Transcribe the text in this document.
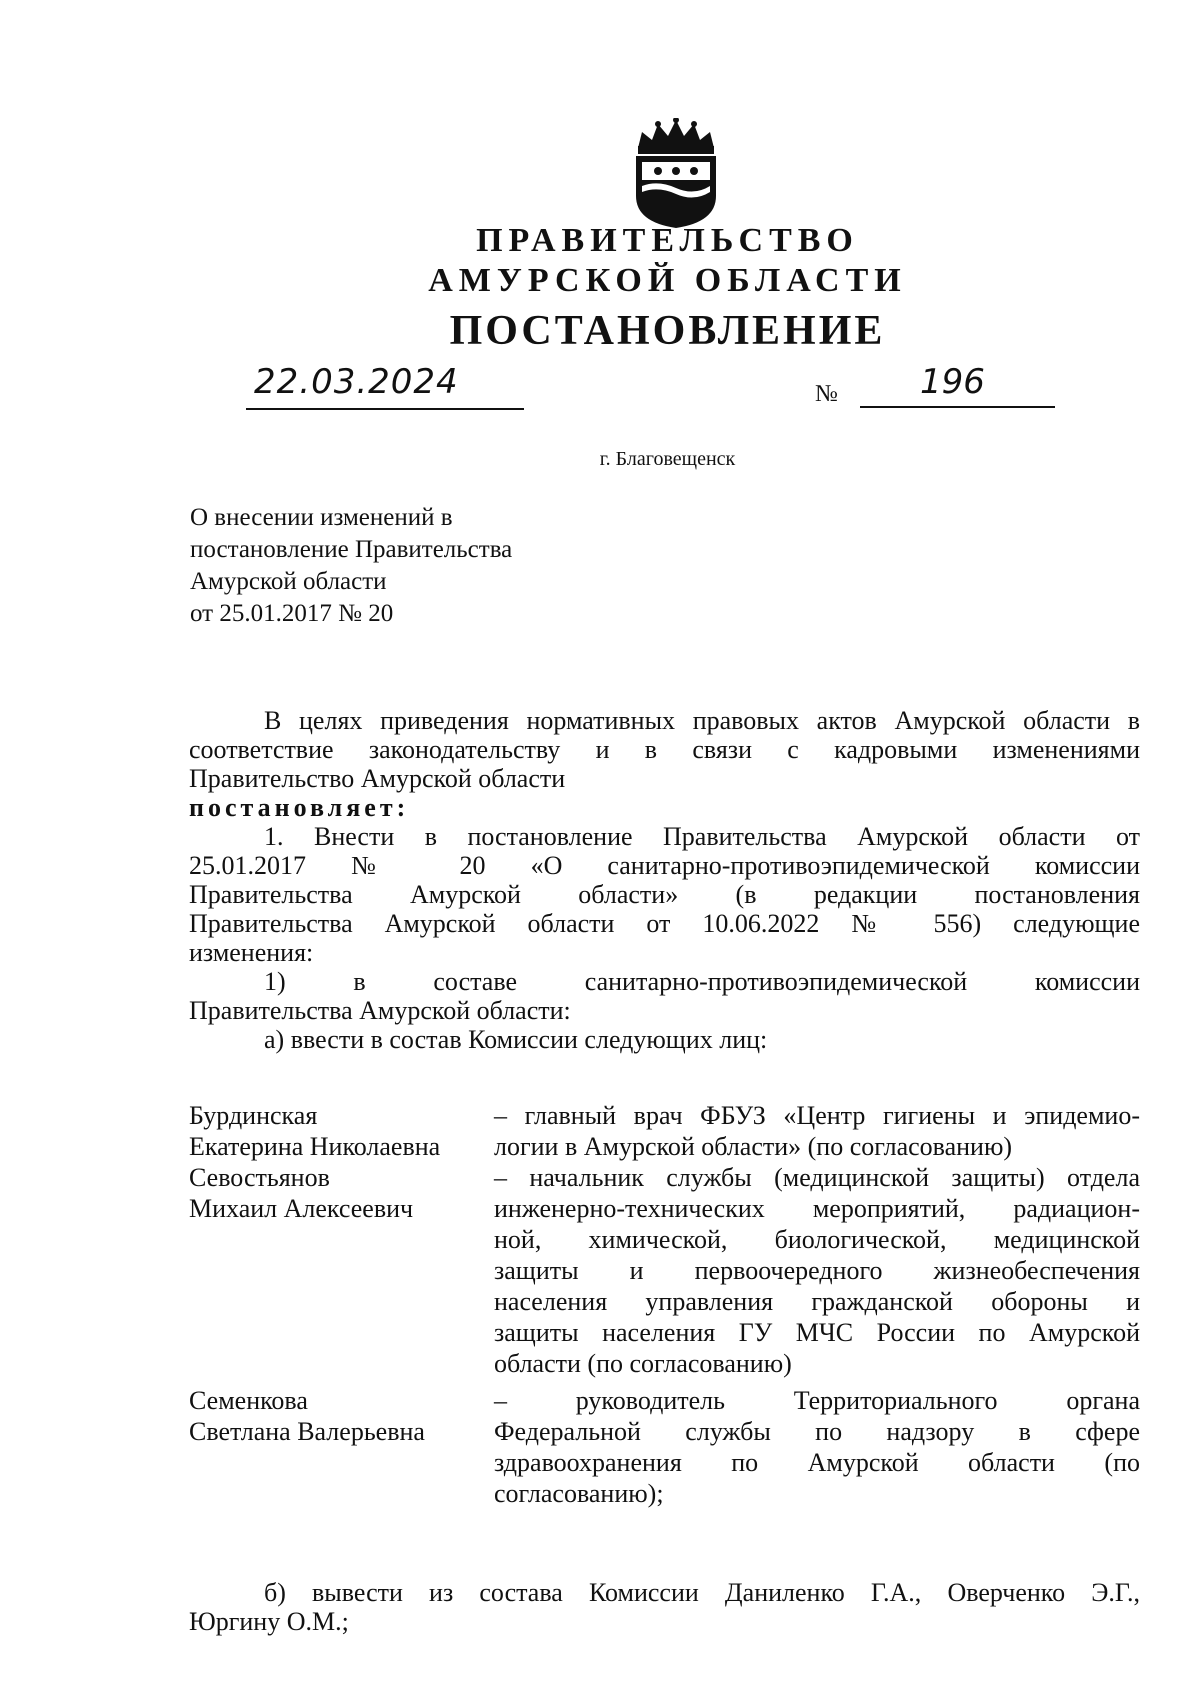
ПРАВИТЕЛЬСТВО
АМУРСКОЙ ОБЛАСТИ
ПОСТАНОВЛЕНИЕ
22.03.2024	№	196
г. Благовещенск
О внесении изменений в
постановление Правительства
Амурской области
от 25.01.2017 № 20
В целях приведения нормативных правовых актов Амурской области в
соответствие законодательству и в связи с кадровыми изменениями
Правительство Амурской области
постановляет:
1. Внести в постановление Правительства Амурской области от
25.01.2017 № 20 «О санитарно-противоэпидемической комиссии
Правительства Амурской области» (в редакции постановления
Правительства Амурской области от 10.06.2022 № 556) следующие
изменения:
1) в составе санитарно-противоэпидемической комиссии
Правительства Амурской области:
а) ввести в состав Комиссии следующих лиц:
Бурдинская
Екатерина Николаевна
– главный врач ФБУЗ «Центр гигиены и эпидемио-
логии в Амурской области» (по согласованию)
Севостьянов
Михаил Алексеевич
– начальник службы (медицинской защиты) отдела
инженерно-технических мероприятий, радиацион-
ной, химической, биологической, медицинской
защиты и первоочередного жизнеобеспечения
населения управления гражданской обороны и
защиты населения ГУ МЧС России по Амурской
области (по согласованию)
Семенкова
Светлана Валерьевна
– руководитель Территориального органа
Федеральной службы по надзору в сфере
здравоохранения по Амурской области (по
согласованию);
б) вывести из состава Комиссии Даниленко Г.А., Оверченко Э.Г.,
Юргину О.М.;
